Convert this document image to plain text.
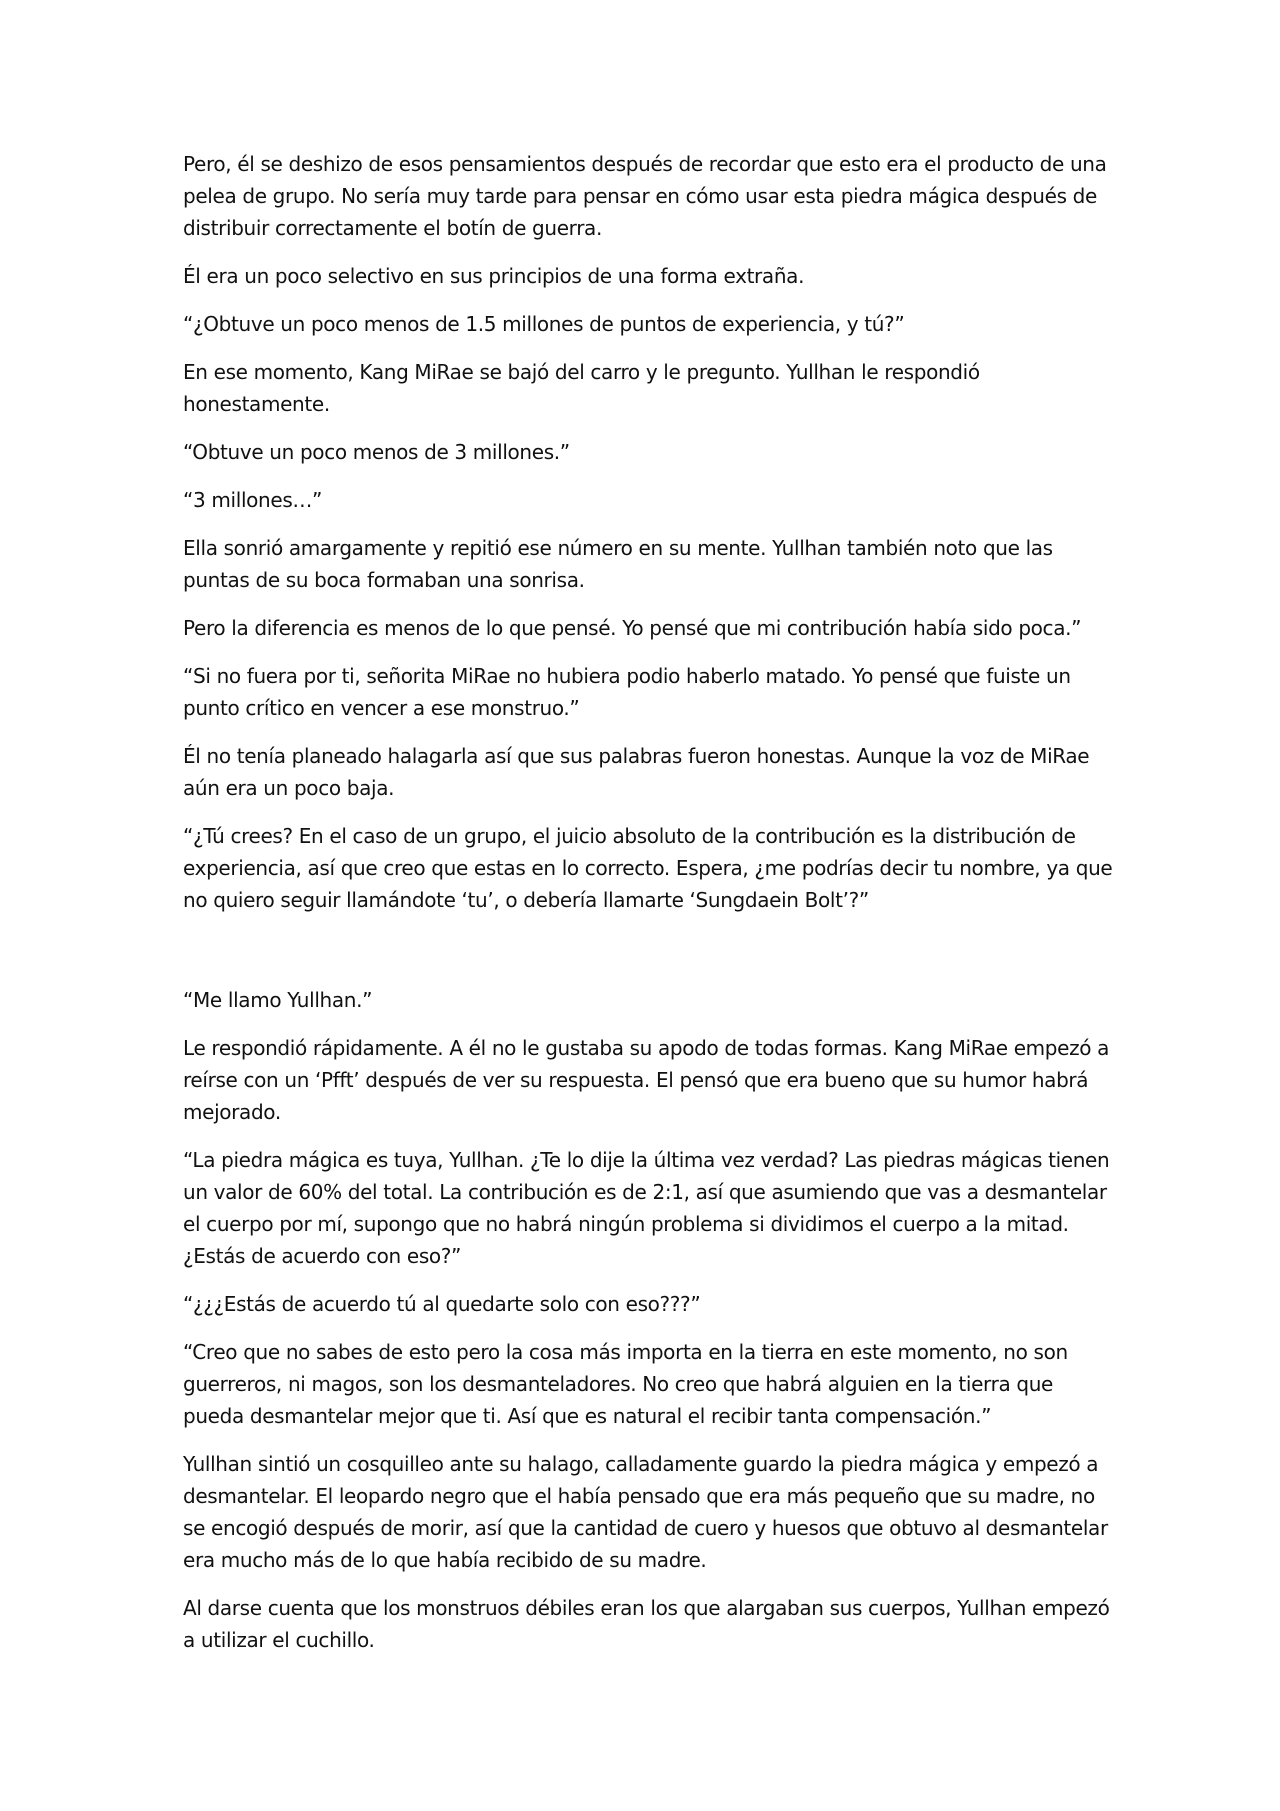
Pero, él se deshizo de esos pensamientos después de recordar que esto era el producto de una pelea de grupo. No sería muy tarde para pensar en cómo usar esta piedra mágica después de distribuir correctamente el botín de guerra.

Él era un poco selectivo en sus principios de una forma extraña.

“¿Obtuve un poco menos de 1.5 millones de puntos de experiencia, y tú?”

En ese momento, Kang MiRae se bajó del carro y le pregunto. Yullhan le respondió honestamente.

“Obtuve un poco menos de 3 millones.”

“3 millones…”

Ella sonrió amargamente y repitió ese número en su mente. Yullhan también noto que las puntas de su boca formaban una sonrisa.

Pero la diferencia es menos de lo que pensé. Yo pensé que mi contribución había sido poca.”

“Si no fuera por ti, señorita MiRae no hubiera podio haberlo matado. Yo pensé que fuiste un punto crítico en vencer a ese monstruo.”

Él no tenía planeado halagarla así que sus palabras fueron honestas. Aunque la voz de MiRae aún era un poco baja.

“¿Tú crees? En el caso de un grupo, el juicio absoluto de la contribución es la distribución de experiencia, así que creo que estas en lo correcto. Espera, ¿me podrías decir tu nombre, ya que no quiero seguir llamándote ‘tu’, o debería llamarte ‘Sungdaein Bolt’?”

“Me llamo Yullhan.”

Le respondió rápidamente. A él no le gustaba su apodo de todas formas. Kang MiRae empezó a reírse con un ‘Pfft’ después de ver su respuesta. El pensó que era bueno que su humor habrá mejorado.

“La piedra mágica es tuya, Yullhan. ¿Te lo dije la última vez verdad? Las piedras mágicas tienen un valor de 60% del total. La contribución es de 2:1, así que asumiendo que vas a desmantelar el cuerpo por mí, supongo que no habrá ningún problema si dividimos el cuerpo a la mitad. ¿Estás de acuerdo con eso?”

“¿¿¿Estás de acuerdo tú al quedarte solo con eso???”

“Creo que no sabes de esto pero la cosa más importa en la tierra en este momento, no son guerreros, ni magos, son los desmanteladores. No creo que habrá alguien en la tierra que pueda desmantelar mejor que ti. Así que es natural el recibir tanta compensación.”

Yullhan sintió un cosquilleo ante su halago, calladamente guardo la piedra mágica y empezó a desmantelar. El leopardo negro que el había pensado que era más pequeño que su madre, no se encogió después de morir, así que la cantidad de cuero y huesos que obtuvo al desmantelar era mucho más de lo que había recibido de su madre.

Al darse cuenta que los monstruos débiles eran los que alargaban sus cuerpos, Yullhan empezó a utilizar el cuchillo.
